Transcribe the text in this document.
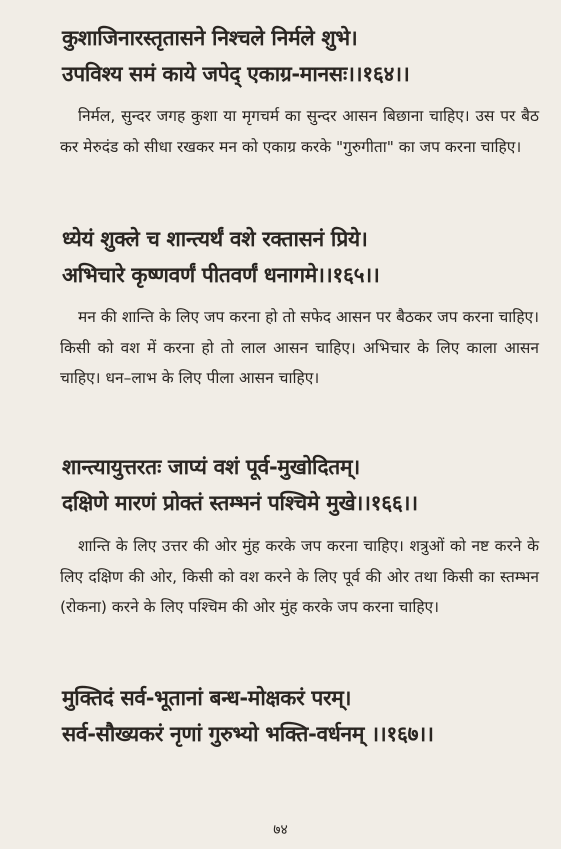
कुशाजिनारस्तृतासने निश्चले निर्मले शुभे।
उपविश्य समं काये जपेद् एकाग्र-मानसः।।१६४।।

निर्मल, सुन्दर जगह कुशा या मृगचर्म का सुन्दर आसन बिछाना चाहिए। उस पर बैठ कर मेरुदंड को सीधा रखकर मन को एकाग्र करके "गुरुगीता" का जप करना चाहिए।

ध्येयं शुक्ले च शान्त्यर्थं वशे रक्तासनं प्रिये।
अभिचारे कृष्णवर्णं पीतवर्णं धनागमे।।१६५।।

मन की शान्ति के लिए जप करना हो तो सफेद आसन पर बैठकर जप करना चाहिए। किसी को वश में करना हो तो लाल आसन चाहिए। अभिचार के लिए काला आसन चाहिए। धन–लाभ के लिए पीला आसन चाहिए।

शान्त्यायुत्तरतः जाप्यं वशं पूर्व-मुखोदितम्।
दक्षिणे मारणं प्रोक्तं स्तम्भनं पश्चिमे मुखे।।१६६।।

शान्ति के लिए उत्तर की ओर मुंह करके जप करना चाहिए। शत्रुओं को नष्ट करने के लिए दक्षिण की ओर, किसी को वश करने के लिए पूर्व की ओर तथा किसी का स्तम्भन (रोकना) करने के लिए पश्चिम की ओर मुंह करके जप करना चाहिए।

मुक्तिदं सर्व-भूतानां बन्ध-मोक्षकरं परम्।
सर्व-सौख्यकरं नृणां गुरुभ्यो भक्ति-वर्धनम् ।।१६७।।
७४
